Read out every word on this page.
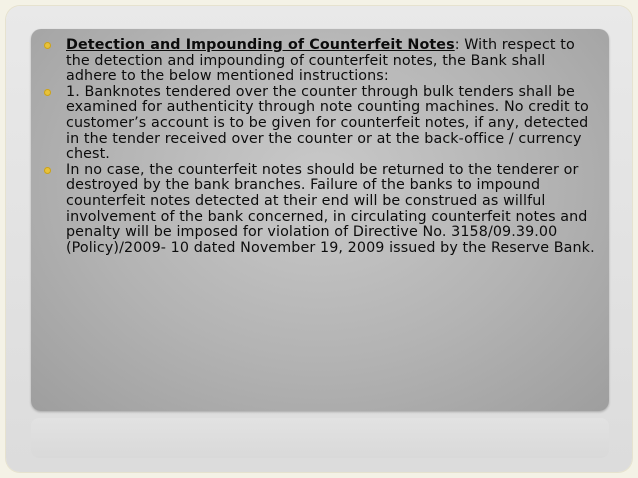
Detection and Impounding of Counterfeit Notes: With respect to the detection and impounding of counterfeit notes, the Bank shall adhere to the below mentioned instructions:
1. Banknotes tendered over the counter through bulk tenders shall be examined for authenticity through note counting machines. No credit to customer’s account is to be given for counterfeit notes, if any, detected in the tender received over the counter or at the back-office / currency chest.
In no case, the counterfeit notes should be returned to the tenderer or destroyed by the bank branches. Failure of the banks to impound counterfeit notes detected at their end will be construed as willful involvement of the bank concerned, in circulating counterfeit notes and penalty will be imposed for violation of Directive No. 3158/09.39.00 (Policy)/2009- 10 dated November 19, 2009 issued by the Reserve Bank.
